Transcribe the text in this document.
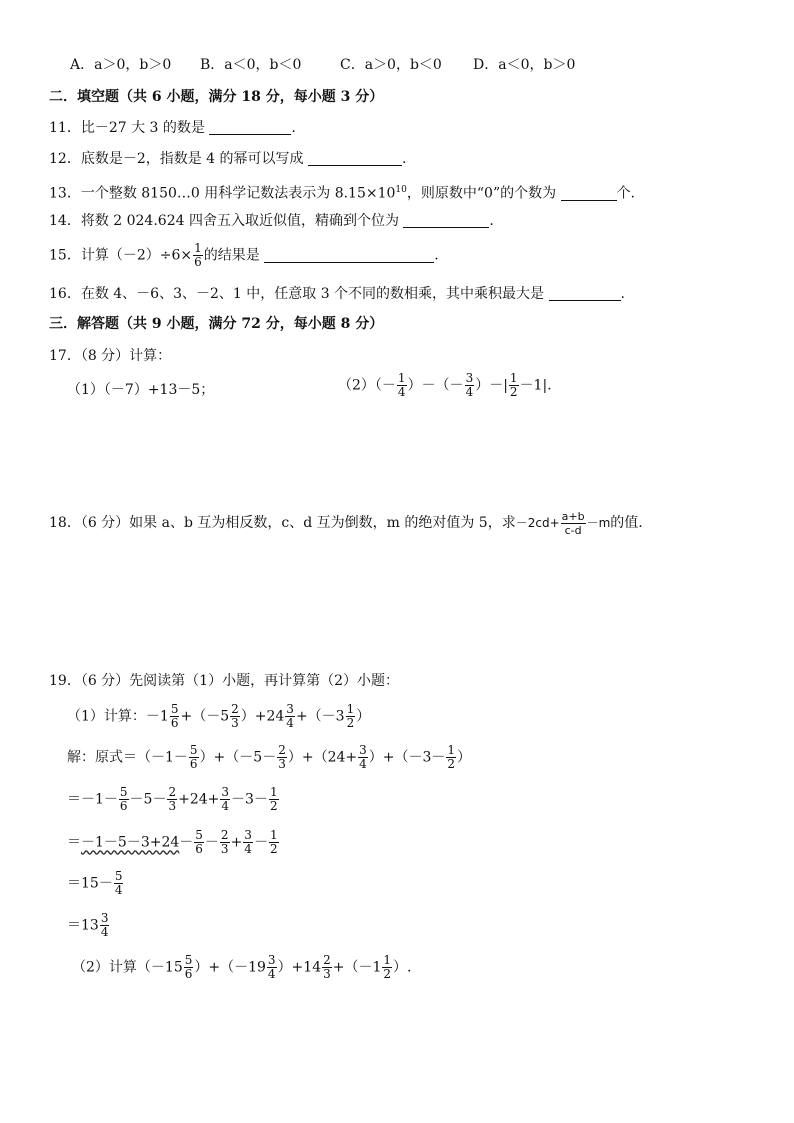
A．a＞0，b＞0 B．a＜0，b＜0	C．a＞0，b＜0 D．a＜0，b＞0
二．填空题（共 6 小题，满分 18 分，每小题 3 分）
11．比－27 大 3 的数是	.
12．底数是－2，指数是 4 的幂可以写成	.
13．一个整数 8150…0 用科学记数法表示为 $8.15\times 10^{10}$，则原数中“0”的个数为	个.
14．将数 2 024.624 四舍五入取近似值，精确到个位为	.
15．计算$(-2)\div 6\times \frac{1}{6}$ 的结果是	.
16．在数 4、－6、3、－2、1 中，任意取 3 个不同的数相乘，其中乘积最大是	.
三．解答题（共 9 小题，满分 72 分，每小题 8 分）
17．（8 分）计算：
（1）（－7）+13－5；	$(2)(- \frac{1}{4}$ ）－（－ $\frac{3}{4}$ ）－| $\frac{1}{2} -1|$.
18．（6 分）如果 a、b 互为相反数，c、d 互为倒数，m 的绝对值为 5，求$-2cd+ \frac{a+b}{c-d} -m$的值.
19．（6 分）先阅读第（1）小题，再计算第（2）小题：
（1）计算：$-1 \frac{5}{6} +(-5 \frac{2}{3} )+24 \frac{3}{4} +(-3 \frac{1}{2}$ ）
解：原式$=(-1- \frac{5}{6} )+(-5- \frac{2}{3} )+(24+ \frac{3}{4} )+(-3- \frac{1}{2}$ ）
$=-1- \frac{5}{6} -5- \frac{2}{3} +24+ \frac{3}{4} -3- \frac{1}{2}$
$=-1-5-3+24- \frac{5}{6} - \frac{2}{3} + \frac{3}{4} - \frac{1}{2}$
$=15- \frac{5}{4}$
$=13 \frac{3}{4}$
（2）计算$(-15 \frac{5}{6} )+(-19 \frac{3}{4} )+14 \frac{2}{3} +(-1 \frac{1}{2}$ ）.
